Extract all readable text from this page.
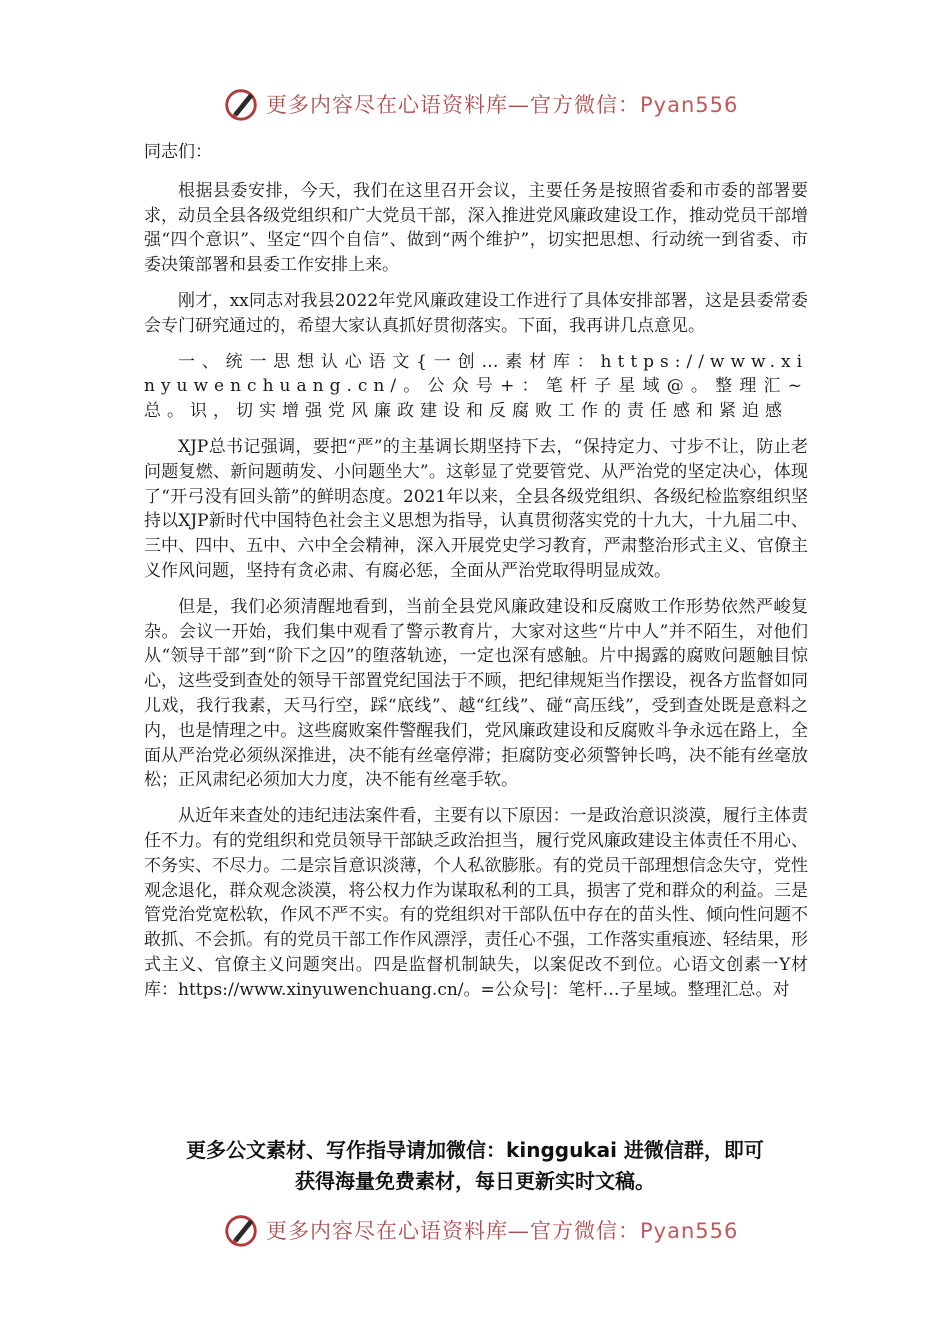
更多内容尽在心语资料库—官方微信：Pyan556

同志们：

根据县委安排，今天，我们在这里召开会议，主要任务是按照省委和市委的部署要求，动员全县各级党组织和广大党员干部，深入推进党风廉政建设工作，推动党员干部增强“四个意识”、坚定“四个自信”、做到“两个维护”，切实把思想、行动统一到省委、市委决策部署和县委工作安排上来。

刚才，xx同志对我县2022年党风廉政建设工作进行了具体安排部署，这是县委常委会专门研究通过的，希望大家认真抓好贯彻落实。下面，我再讲几点意见。

一、统一思想认心语文{一创…素材库：https://www.xinyuwenchuang.cn/。公众号+：笔杆子星域@。整理汇~总。识，切实增强党风廉政建设和反腐败工作的责任感和紧迫感

XJP总书记强调，要把“严”的主基调长期坚持下去，“保持定力、寸步不让，防止老问题复燃、新问题萌发、小问题坐大”。这彰显了党要管党、从严治党的坚定决心，体现了“开弓没有回头箭”的鲜明态度。2021年以来，全县各级党组织、各级纪检监察组织坚持以XJP新时代中国特色社会主义思想为指导，认真贯彻落实党的十九大，十九届二中、三中、四中、五中、六中全会精神，深入开展党史学习教育，严肃整治形式主义、官僚主义作风问题，坚持有贪必肃、有腐必惩，全面从严治党取得明显成效。

但是，我们必须清醒地看到，当前全县党风廉政建设和反腐败工作形势依然严峻复杂。会议一开始，我们集中观看了警示教育片，大家对这些“片中人”并不陌生，对他们从“领导干部”到“阶下之囚”的堕落轨迹，一定也深有感触。片中揭露的腐败问题触目惊心，这些受到查处的领导干部置党纪国法于不顾，把纪律规矩当作摆设，视各方监督如同儿戏，我行我素，天马行空，踩“底线”、越“红线”、碰“高压线”，受到查处既是意料之内，也是情理之中。这些腐败案件警醒我们，党风廉政建设和反腐败斗争永远在路上，全面从严治党必须纵深推进，决不能有丝毫停滞；拒腐防变必须警钟长鸣，决不能有丝毫放松；正风肃纪必须加大力度，决不能有丝毫手软。

从近年来查处的违纪违法案件看，主要有以下原因：一是政治意识淡漠，履行主体责任不力。有的党组织和党员领导干部缺乏政治担当，履行党风廉政建设主体责任不用心、不务实、不尽力。二是宗旨意识淡薄，个人私欲膨胀。有的党员干部理想信念失守，党性观念退化，群众观念淡漠，将公权力作为谋取私利的工具，损害了党和群众的利益。三是管党治党宽松软，作风不严不实。有的党组织对干部队伍中存在的苗头性、倾向性问题不敢抓、不会抓。有的党员干部工作作风漂浮，责任心不强，工作落实重痕迹、轻结果，形式主义、官僚主义问题突出。四是监督机制缺失，以案促改不到位。心语文创素一Y材库：https://www.xinyuwenchuang.cn/。=公众号|：笔杆…子星域。整理汇总。对

更多公文素材、写作指导请加微信：kinggukai 进微信群，即可
获得海量免费素材，每日更新实时文稿。
更多内容尽在心语资料库—官方微信：Pyan556
